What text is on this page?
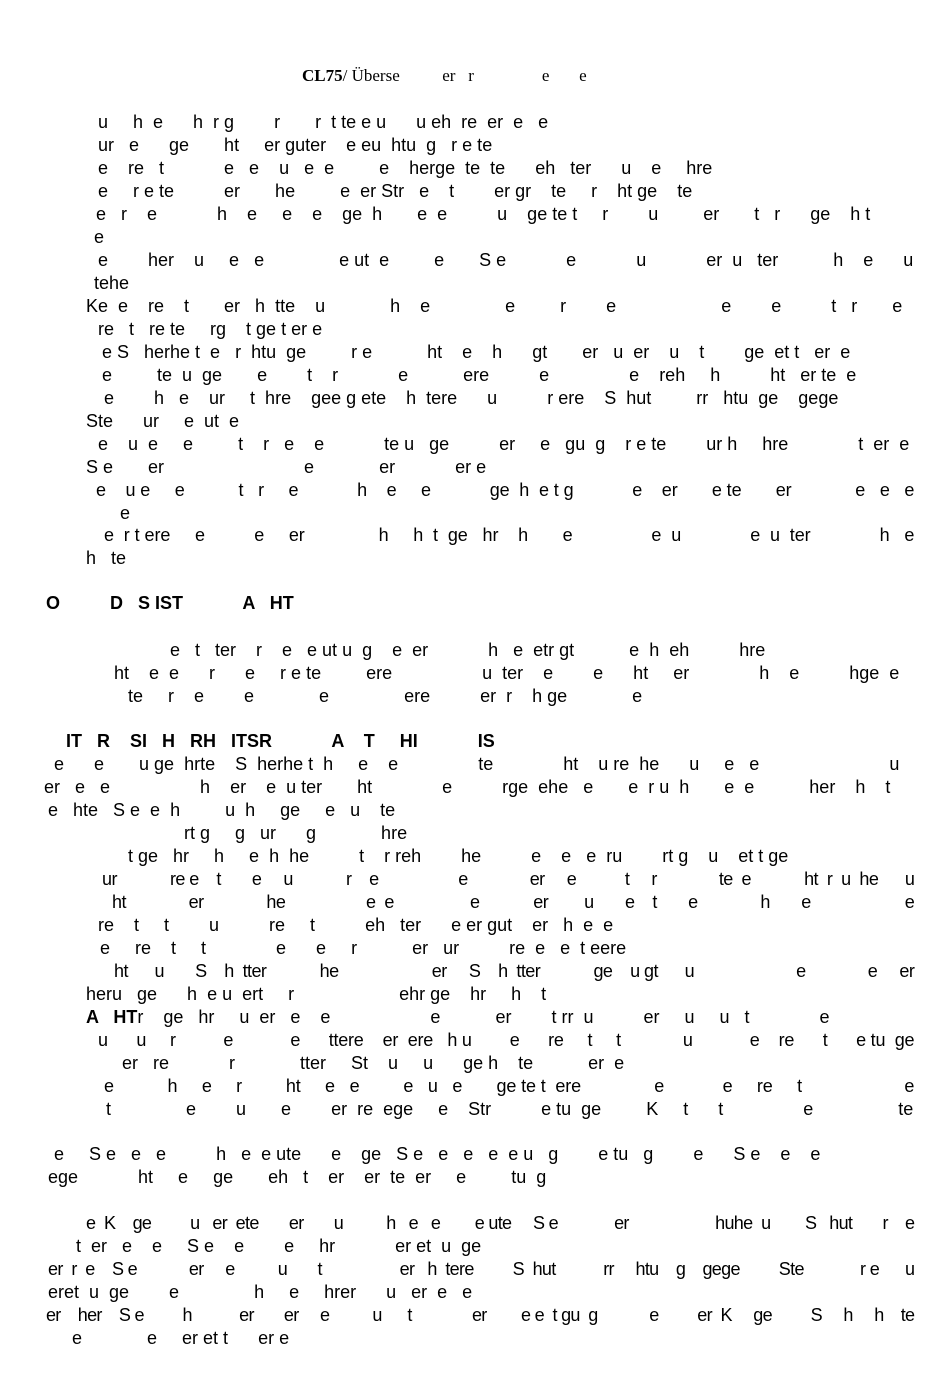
CL75/ Überse          er   r                e       e
u     h  e      h  r g        r       r  t te e u      u eh  re  er  e   e
ur   e      ge       ht     er guter    e eu  htu  g   r e te
e    re   t            e   e    u   e  e         e    herge  te  te      eh   ter      u    e     hre
e     r e te          er       he         e  er Str   e    t        er gr    te     r    ht ge    te
e   r    e            h    e     e    e    ge  h       e  e          u    ge te t     r        u         er       t   r      ge    h t
e
e        her    u     e   e               e ut  e         e       S e            e            u            er  u   ter           h    e      u
tehe
Ke  e    re    t       er   h  tte    u             h    e               e         r        e                     e        e          t   r       e
re   t   re te     rg    t ge t er e
e S   herhe t  e   r  htu  ge         r e           ht    e    h      gt       er   u  er    u    t        ge  et t   er  e
e         te  u  ge       e        t    r            e           ere          e                e    reh     h          ht   er te  e
e        h   e    ur     t  hre    gee g ete    h  tere      u          r ere    S  hut         rr   htu  ge    gege
Ste      ur     e  ut  e
e    u  e     e         t    r   e    e            te u   ge          er     e   gu  g    r e te        ur h     hre              t  er  e
S e       er                            e             er            er e
e    u e     e           t   r     e            h    e     e            ge  h  e t g            e    er       e te       er             e   e   e
e
e  r t ere     e          e     er               h     h  t  ge   hr    h       e                e  u              e  u  ter              h   e
h   te
O          D   S IST            A   HT
e   t   ter    r    e   e ut u  g    e  er            h   e  etr gt           e  h  eh          hre
ht    e  e      r      e     r e te         ere                  u  ter    e        e      ht     er              h    e          hge  e
te     r    e        e             e               ere          er  r    h ge             e
IT   R    SI   H   RH   ITSR            A    T     HI            IS
e      e       u ge  hrte    S  herhe t  h     e    e                te              ht    u re  he      u     e   e                          u
er   e   e                  h    er    e  u ter       ht              e          rge  ehe   e       e  r u  h       e  e           her    h    t
e   hte   S e  e  h         u  h     ge     e   u    te
rt g     g   ur      g             hre
t ge   hr     h     e  h  he          t    r reh        he          e    e   e  ru        rt g    u    et t ge
ur            re e    t       e     u            r    e                  e              er     e           t     r              te  e            ht  r  u  he      u
ht              er              he                  e  e                 e            er        u       e    t       e              h       e                     e
re    t     t        u          re     t          eh   ter      e er gut    er   h  e  e
e     re    t     t              e      e     r           er   ur          re  e   e  t eere
ht      u       S    h  tter            he                     er     S    h  tter            ge    u gt      u                       e              e     er
heru   ge      h  e u  ert     r                     ehr ge    hr     h    t
A   HTr    ge   hr     u  er   e    e                    e           er        t rr  u          er     u     u   t              e
u      u     r          e            e      ttere    er  ere   h u        e      re     t     t             u            e    re      t      e tu  ge
er   re            r             tter     St    u     u      ge h    te           er  e
e           h     e     r         ht     e   e         e   u   e       ge te t  ere               e            e     re     t                     e
t               e        u       e        er  re  ege     e    Str          e tu  ge         K     t      t                e                 te
e     S e   e   e          h   e  e ute      e    ge   S e   e   e   e  e u   g        e tu   g        e      S e    e    e
ege            ht     e     ge       eh   t    er    er  te  er     e         tu  g
e  K    ge         u   er  ete       er       u          h   e   e        e ute     S e             er                    huhe  u        S   hut       r    e
t  er   e    e     S e    e        e     hr            er et  u  ge
er  r  e    S e            er     e          u       t                  er   h  tere         S  hut           rr     htu    g    gege         Ste             r e      u
eret  u  ge        e               h     e     hrer      u   er  e   e
er    her    S e         h           er       er     e          u      t              er        e e  t gu  g            e         er  K     ge         S     h     h    te
e             e     er et t      er e
